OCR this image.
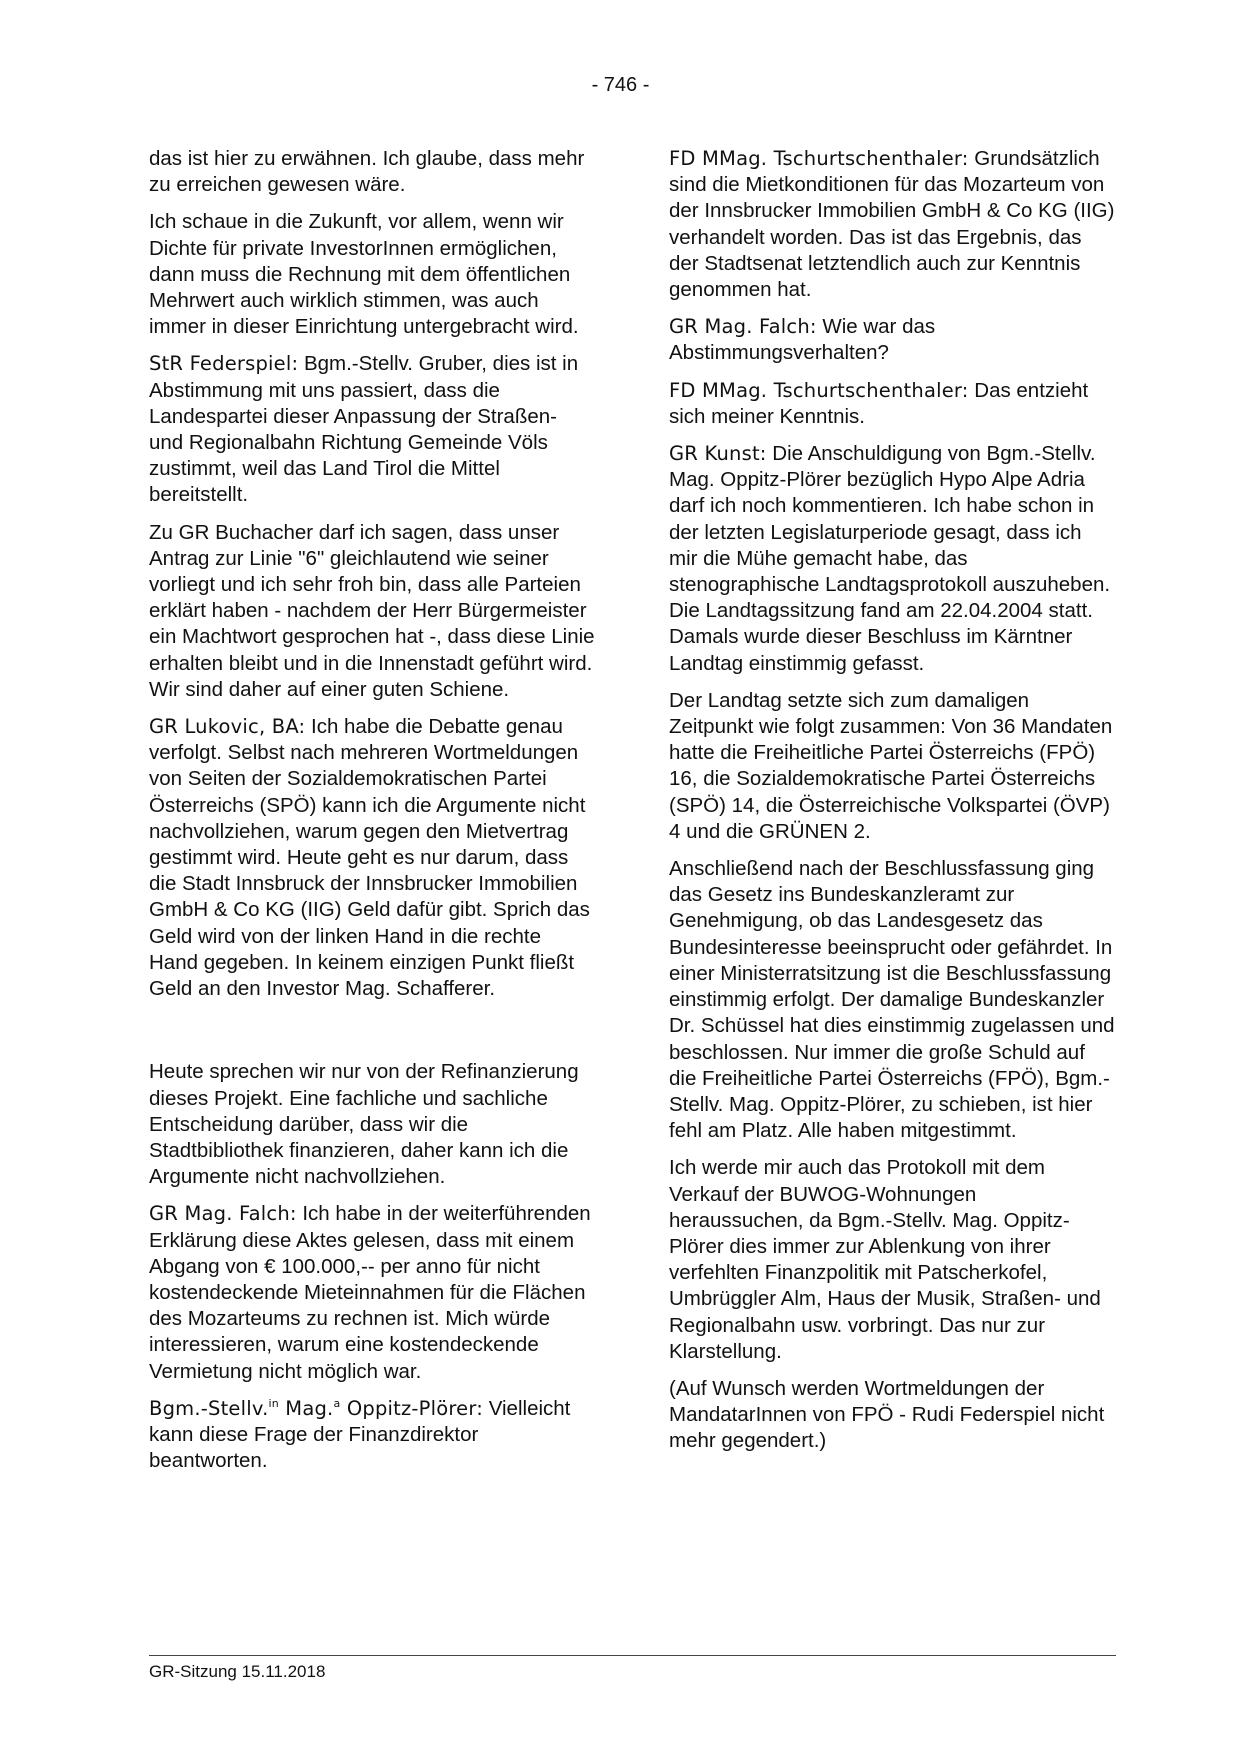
- 746 -

das ist hier zu erwähnen. Ich glaube, dass mehr zu erreichen gewesen wäre.

Ich schaue in die Zukunft, vor allem, wenn wir Dichte für private InvestorInnen ermöglichen, dann muss die Rechnung mit dem öffentlichen Mehrwert auch wirklich stimmen, was auch immer in dieser Einrichtung untergebracht wird.

StR Federspiel: Bgm.-Stellv. Gruber, dies ist in Abstimmung mit uns passiert, dass die Landespartei dieser Anpassung der Straßen- und Regionalbahn Richtung Gemeinde Völs zustimmt, weil das Land Tirol die Mittel bereitstellt.

Zu GR Buchacher darf ich sagen, dass unser Antrag zur Linie "6" gleichlautend wie seiner vorliegt und ich sehr froh bin, dass alle Parteien erklärt haben - nachdem der Herr Bürgermeister ein Machtwort gesprochen hat -, dass diese Linie erhalten bleibt und in die Innenstadt geführt wird. Wir sind daher auf einer guten Schiene.

GR Lukovic, BA: Ich habe die Debatte genau verfolgt. Selbst nach mehreren Wortmeldungen von Seiten der Sozialdemokratischen Partei Österreichs (SPÖ) kann ich die Argumente nicht nachvollziehen, warum gegen den Mietvertrag gestimmt wird. Heute geht es nur darum, dass die Stadt Innsbruck der Innsbrucker Immobilien GmbH & Co KG (IIG) Geld dafür gibt. Sprich das Geld wird von der linken Hand in die rechte Hand gegeben. In keinem einzigen Punkt fließt Geld an den Investor Mag. Schafferer.

Heute sprechen wir nur von der Refinanzierung dieses Projekt. Eine fachliche und sachliche Entscheidung darüber, dass wir die Stadtbibliothek finanzieren, daher kann ich die Argumente nicht nachvollziehen.

GR Mag. Falch: Ich habe in der weiterführenden Erklärung diese Aktes gelesen, dass mit einem Abgang von € 100.000,-- per anno für nicht kostendeckende Mieteinnahmen für die Flächen des Mozarteums zu rechnen ist. Mich würde interessieren, warum eine kostendeckende Vermietung nicht möglich war.

Bgm.-Stellv.$^{in}$ Mag.$^a$ Oppitz-Plörer: Vielleicht kann diese Frage der Finanzdirektor beantworten.

FD MMag. Tschurtschenthaler: Grundsätzlich sind die Mietkonditionen für das Mozarteum von der Innsbrucker Immobilien GmbH & Co KG (IIG) verhandelt worden. Das ist das Ergebnis, das der Stadtsenat letztendlich auch zur Kenntnis genommen hat.

GR Mag. Falch: Wie war das Abstimmungsverhalten?

FD MMag. Tschurtschenthaler: Das entzieht sich meiner Kenntnis.

GR Kunst: Die Anschuldigung von Bgm.-Stellv. Mag. Oppitz-Plörer bezüglich Hypo Alpe Adria darf ich noch kommentieren. Ich habe schon in der letzten Legislaturperiode gesagt, dass ich mir die Mühe gemacht habe, das stenographische Landtagsprotokoll auszuheben. Die Landtagssitzung fand am 22.04.2004 statt. Damals wurde dieser Beschluss im Kärntner Landtag einstimmig gefasst.

Der Landtag setzte sich zum damaligen Zeitpunkt wie folgt zusammen: Von 36 Mandaten hatte die Freiheitliche Partei Österreichs (FPÖ) 16, die Sozialdemokratische Partei Österreichs (SPÖ) 14, die Österreichische Volkspartei (ÖVP) 4 und die GRÜNEN 2.

Anschließend nach der Beschlussfassung ging das Gesetz ins Bundeskanzleramt zur Genehmigung, ob das Landesgesetz das Bundesinteresse beeinsprucht oder gefährdet. In einer Ministerratsitzung ist die Beschlussfassung einstimmig erfolgt. Der damalige Bundeskanzler Dr. Schüssel hat dies einstimmig zugelassen und beschlossen. Nur immer die große Schuld auf die Freiheitliche Partei Österreichs (FPÖ), Bgm.-Stellv. Mag. Oppitz-Plörer, zu schieben, ist hier fehl am Platz. Alle haben mitgestimmt.

Ich werde mir auch das Protokoll mit dem Verkauf der BUWOG-Wohnungen heraussuchen, da Bgm.-Stellv. Mag. Oppitz-Plörer dies immer zur Ablenkung von ihrer verfehlten Finanzpolitik mit Patscherkofel, Umbrüggler Alm, Haus der Musik, Straßen- und Regionalbahn usw. vorbringt. Das nur zur Klarstellung.

(Auf Wunsch werden Wortmeldungen der MandatarInnen von FPÖ - Rudi Federspiel nicht mehr gegendert.)

GR-Sitzung 15.11.2018
